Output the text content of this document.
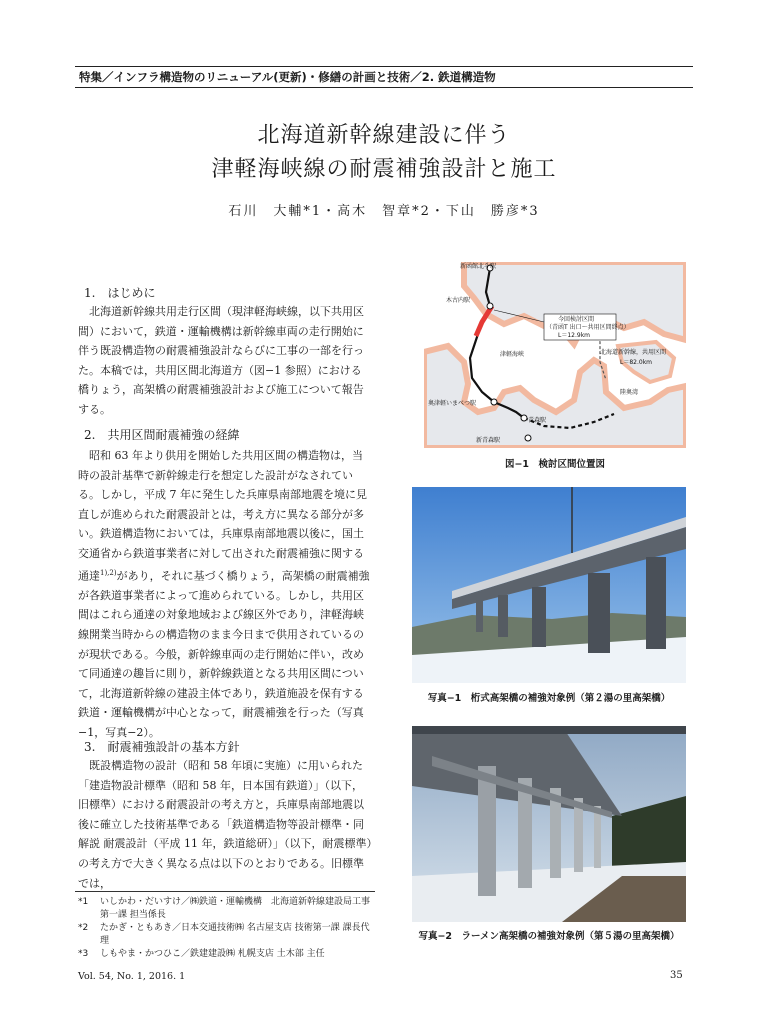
特集／インフラ構造物のリニューアル(更新)・修繕の計画と技術／2. 鉄道構造物
北海道新幹線建設に伴う
津軽海峡線の耐震補強設計と施工
石川　大輔*1・高木　智章*2・下山　勝彦*3
1.　はじめに

北海道新幹線共用走行区間（現津軽海峡線，以下共用区間）において，鉄道・運輸機構は新幹線車両の走行開始に伴う既設構造物の耐震補強設計ならびに工事の一部を行った。本稿では，共用区間北海道方（図−1 参照）における橋りょう，高架橋の耐震補強設計および施工について報告する。

2.　共用区間耐震補強の経緯

昭和 63 年より供用を開始した共用区間の構造物は，当時の設計基準で新幹線走行を想定した設計がなされている。しかし，平成 7 年に発生した兵庫県南部地震を境に見直しが進められた耐震設計とは，考え方に異なる部分が多い。鉄道構造物においては，兵庫県南部地震以後に，国土交通省から鉄道事業者に対して出された耐震補強に関する通達$^{1),2)}$があり，それに基づく橋りょう，高架橋の耐震補強が各鉄道事業者によって進められている。しかし，共用区間はこれら通達の対象地域および線区外であり，津軽海峡線開業当時からの構造物のまま今日まで供用されているのが現状である。今般，新幹線車両の走行開始に伴い，改めて同通達の趣旨に則り，新幹線鉄道となる共用区間について，北海道新幹線の建設主体であり，鉄道施設を保有する鉄道・運輸機構が中心となって，耐震補強を行った（写真−1，写真−2）。

3.　耐震補強設計の基本方針

既設構造物の設計（昭和 58 年頃に実施）に用いられた「建造物設計標準（昭和 58 年，日本国有鉄道）」（以下，旧標準）における耐震設計の考え方と，兵庫県南部地震以後に確立した技術基準である「鉄道構造物等設計標準・同解説 耐震設計（平成 11 年，鉄道総研）」（以下，耐震標準）の考え方で大きく異なる点は以下のとおりである。旧標準では，

*1	いしかわ・だいすけ／㈱鉄道・運輸機構　北海道新幹線建設局工事第一課 担当係長
*2	たかぎ・ともあき／日本交通技術㈱ 名古屋支店 技術第一課 課長代理
*3	しもやま・かつひこ／鉄建建設㈱ 札幌支店 土木部 主任
Vol. 54, No. 1, 2016. 1	35
新函館北斗駅
木古内駅
今回検討区間
（青函T 出口〜共用区間終点）
L＝12.9km
津軽海峡	北海道新幹線，共用区間
L＝82.0km
陸奥湾
奥津軽いまべつ駅
青森駅
新青森駅
図−1　検討区間位置図
写真−1　桁式高架橋の補強対象例（第２湯の里高架橋）
写真−2　ラーメン高架橋の補強対象例（第５湯の里高架橋）
